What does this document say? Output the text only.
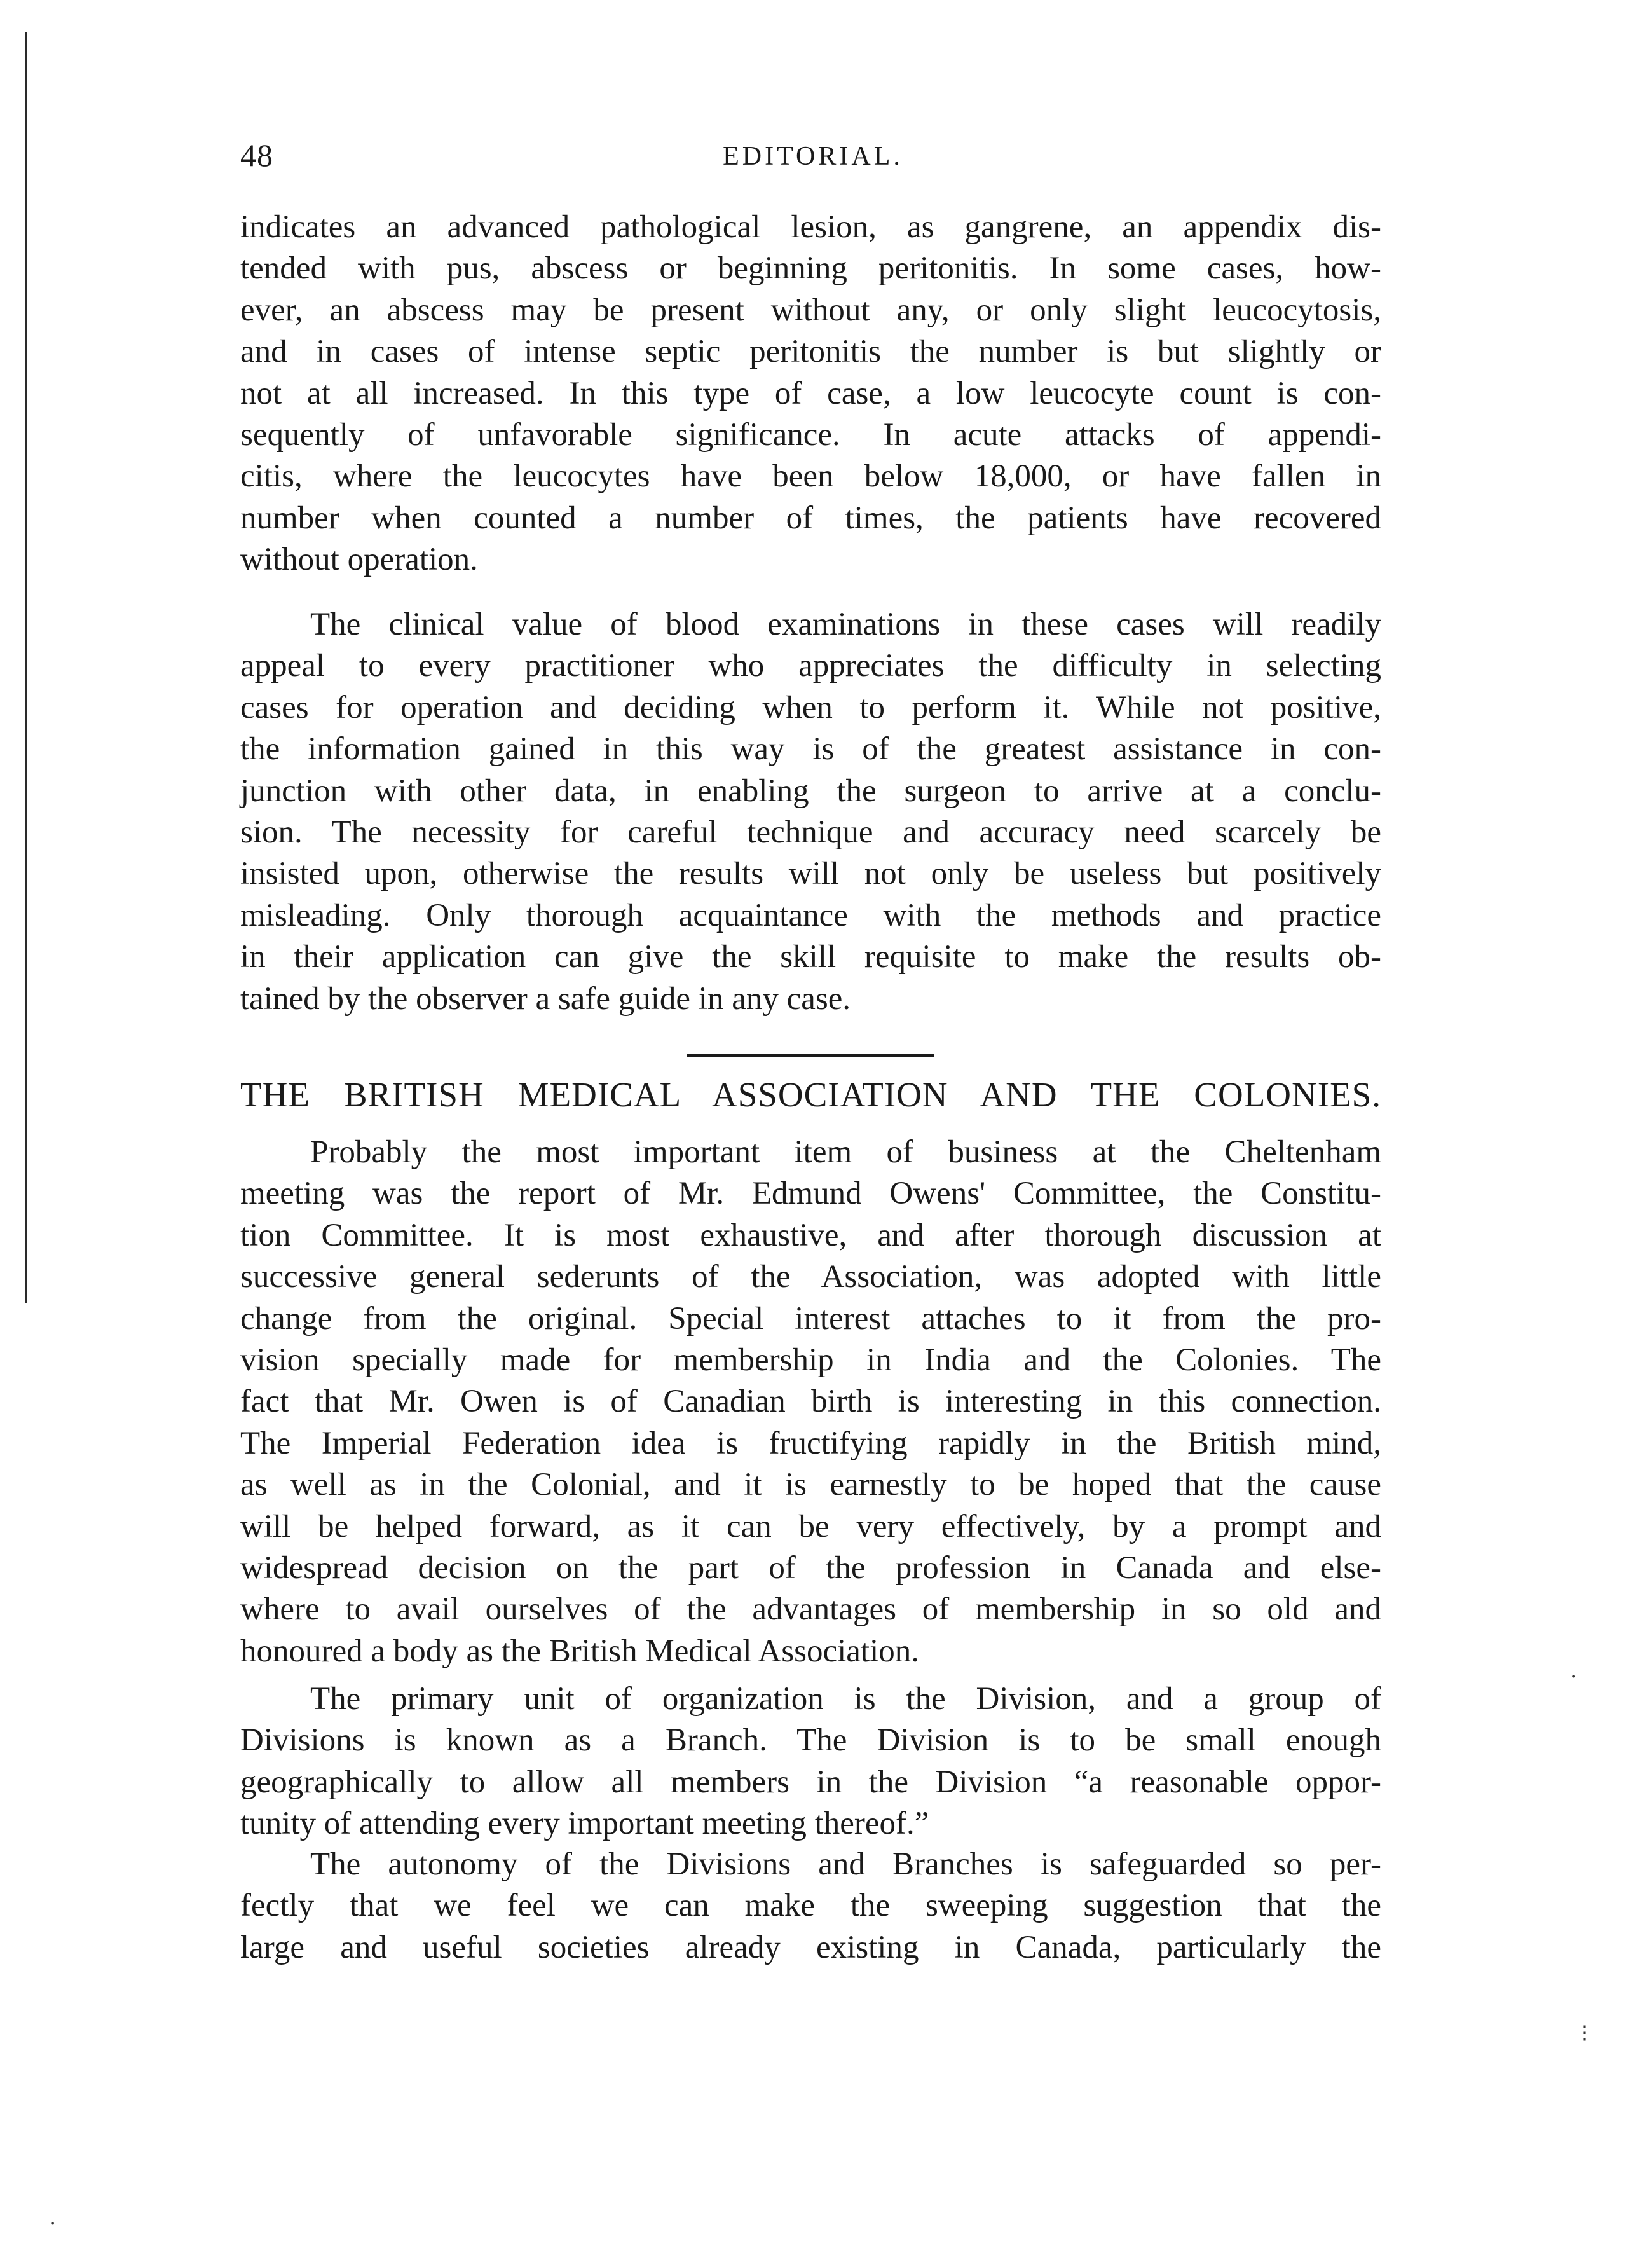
48	EDITORIAL.

indicates an advanced pathological lesion, as gangrene, an appendix dis-
tended with pus, abscess or beginning peritonitis. In some cases, how-
ever, an abscess may be present without any, or only slight leucocytosis,
and in cases of intense septic peritonitis the number is but slightly or
not at all increased. In this type of case, a low leucocyte count is con-
sequently of unfavorable significance. In acute attacks of appendi-
citis, where the leucocytes have been below 18,000, or have fallen in
number when counted a number of times, the patients have recovered
without operation.

The clinical value of blood examinations in these cases will readily
appeal to every practitioner who appreciates the difficulty in selecting
cases for operation and deciding when to perform it. While not positive,
the information gained in this way is of the greatest assistance in con-
junction with other data, in enabling the surgeon to arrive at a conclu-
sion. The necessity for careful technique and accuracy need scarcely be
insisted upon, otherwise the results will not only be useless but positively
misleading. Only thorough acquaintance with the methods and practice
in their application can give the skill requisite to make the results ob-
tained by the observer a safe guide in any case.

THE BRITISH MEDICAL ASSOCIATION AND THE COLONIES.

Probably the most important item of business at the Cheltenham
meeting was the report of Mr. Edmund Owens' Committee, the Constitu-
tion Committee. It is most exhaustive, and after thorough discussion at
successive general sederunts of the Association, was adopted with little
change from the original. Special interest attaches to it from the pro-
vision specially made for membership in India and the Colonies. The
fact that Mr. Owen is of Canadian birth is interesting in this connection.
The Imperial Federation idea is fructifying rapidly in the British mind,
as well as in the Colonial, and it is earnestly to be hoped that the cause
will be helped forward, as it can be very effectively, by a prompt and
widespread decision on the part of the profession in Canada and else-
where to avail ourselves of the advantages of membership in so old and
honoured a body as the British Medical Association.

The primary unit of organization is the Division, and a group of
Divisions is known as a Branch. The Division is to be small enough
geographically to allow all members in the Division “a reasonable oppor-
tunity of attending every important meeting thereof.”

The autonomy of the Divisions and Branches is safeguarded so per-
fectly that we feel we can make the sweeping suggestion that the
large and useful societies already existing in Canada, particularly the

⋮
⋅
⋅
